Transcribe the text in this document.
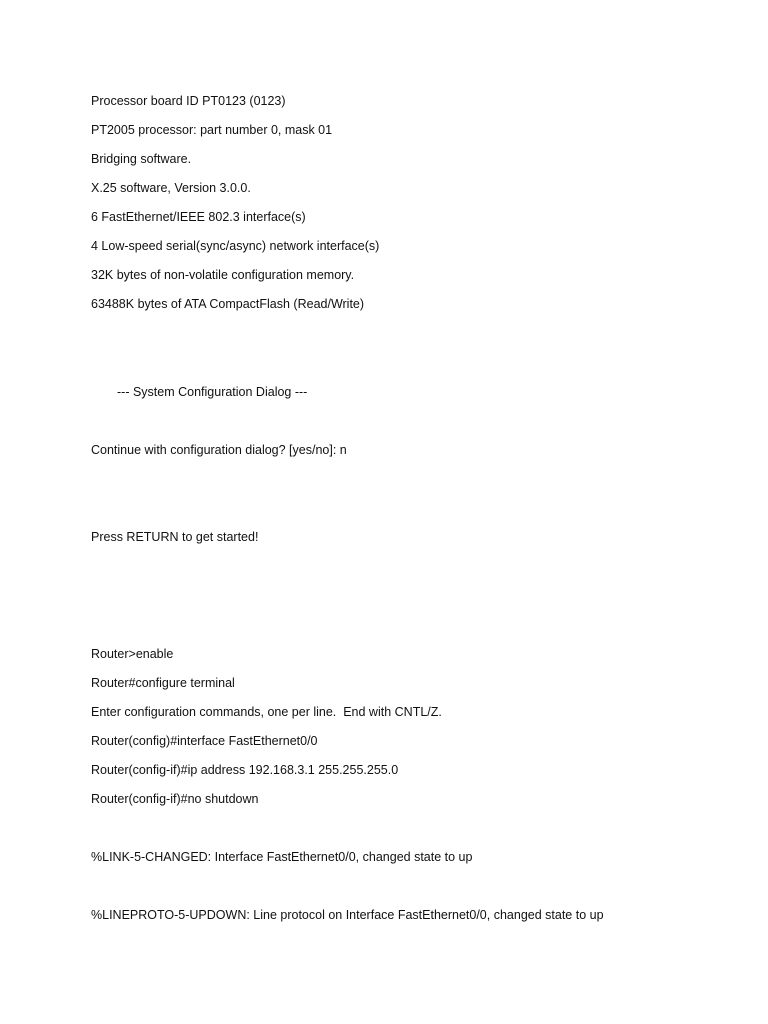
Processor board ID PT0123 (0123)

PT2005 processor: part number 0, mask 01

Bridging software.

X.25 software, Version 3.0.0.

6 FastEthernet/IEEE 802.3 interface(s)

4 Low-speed serial(sync/async) network interface(s)

32K bytes of non-volatile configuration memory.

63488K bytes of ATA CompactFlash (Read/Write)

--- System Configuration Dialog ---

Continue with configuration dialog? [yes/no]: n

Press RETURN to get started!

Router>enable

Router#configure terminal

Enter configuration commands, one per line.  End with CNTL/Z.

Router(config)#interface FastEthernet0/0

Router(config-if)#ip address 192.168.3.1 255.255.255.0

Router(config-if)#no shutdown

%LINK-5-CHANGED: Interface FastEthernet0/0, changed state to up

%LINEPROTO-5-UPDOWN: Line protocol on Interface FastEthernet0/0, changed state to up
